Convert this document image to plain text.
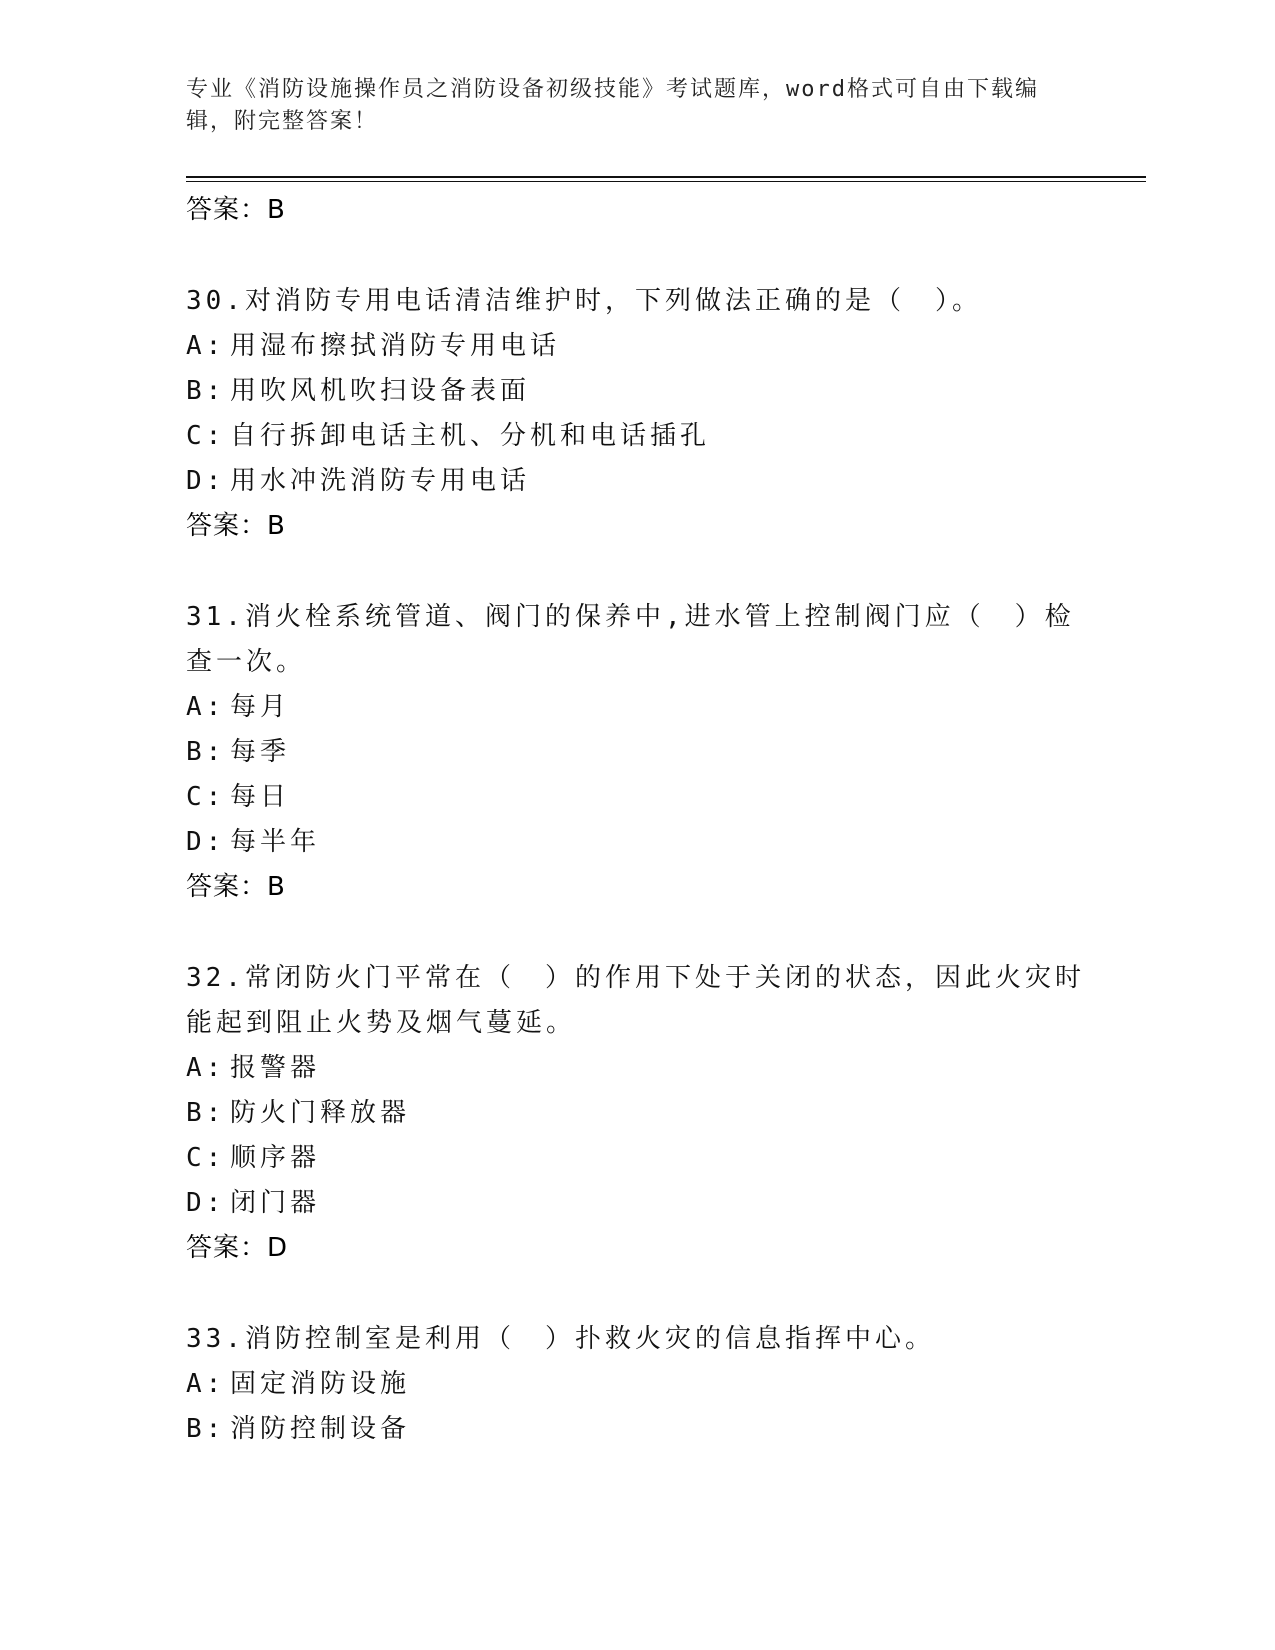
专业《消防设施操作员之消防设备初级技能》考试题库，word格式可自由下载编辑，附完整答案！
答案：B

30.对消防专用电话清洁维护时，下列做法正确的是（　）。

A: 用湿布擦拭消防专用电话
B: 用吹风机吹扫设备表面
C: 自行拆卸电话主机、分机和电话插孔
D: 用水冲洗消防专用电话
答案：B

31.消火栓系统管道、阀门的保养中,进水管上控制阀门应（　）检查一次。

A: 每月
B: 每季
C: 每日
D: 每半年
答案：B

32.常闭防火门平常在（　）的作用下处于关闭的状态，因此火灾时能起到阻止火势及烟气蔓延。

A: 报警器
B: 防火门释放器
C: 顺序器
D: 闭门器
答案：D

33.消防控制室是利用（　）扑救火灾的信息指挥中心。

A: 固定消防设施
B: 消防控制设备
